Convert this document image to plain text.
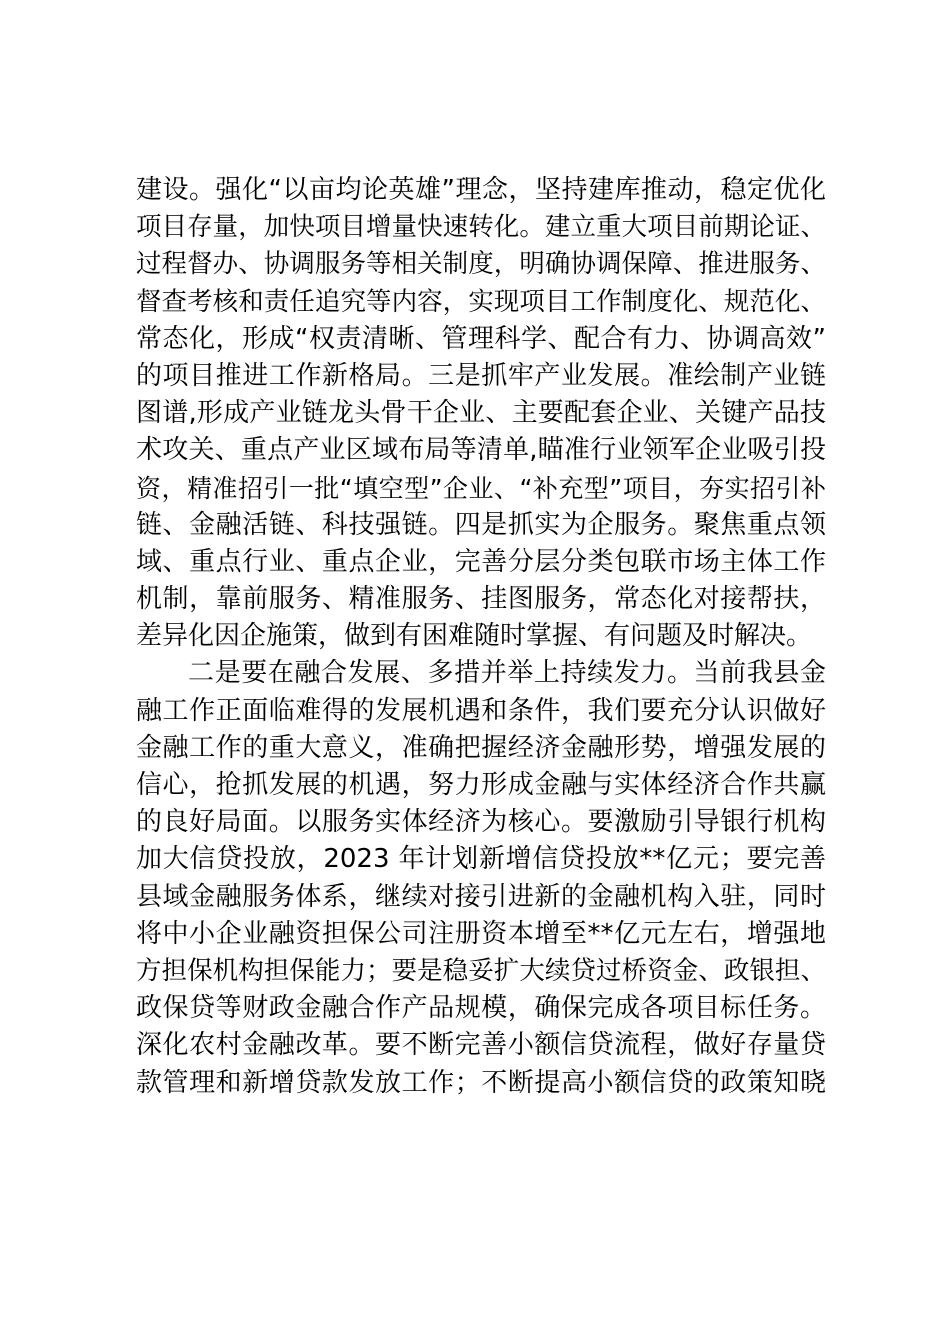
建设。强化“以亩均论英雄”理念，坚持建库推动，稳定优化
项目存量，加快项目增量快速转化。建立重大项目前期论证、
过程督办、协调服务等相关制度，明确协调保障、推进服务、
督查考核和责任追究等内容，实现项目工作制度化、规范化、
常态化，形成“权责清晰、管理科学、配合有力、协调高效”
的项目推进工作新格局。三是抓牢产业发展。准绘制产业链
图谱,形成产业链龙头骨干企业、主要配套企业、关键产品技
术攻关、重点产业区域布局等清单,瞄准行业领军企业吸引投
资，精准招引一批“填空型”企业、“补充型”项目，夯实招引补
链、金融活链、科技强链。四是抓实为企服务。聚焦重点领
域、重点行业、重点企业，完善分层分类包联市场主体工作
机制，靠前服务、精准服务、挂图服务，常态化对接帮扶，
差异化因企施策，做到有困难随时掌握、有问题及时解决。
二是要在融合发展、多措并举上持续发力。当前我县金
融工作正面临难得的发展机遇和条件，我们要充分认识做好
金融工作的重大意义，准确把握经济金融形势，增强发展的
信心，抢抓发展的机遇，努力形成金融与实体经济合作共赢
的良好局面。以服务实体经济为核心。要激励引导银行机构
加大信贷投放，2023 年计划新增信贷投放**亿元；要完善
县域金融服务体系，继续对接引进新的金融机构入驻，同时
将中小企业融资担保公司注册资本增至**亿元左右，增强地
方担保机构担保能力；要是稳妥扩大续贷过桥资金、政银担、
政保贷等财政金融合作产品规模，确保完成各项目标任务。
深化农村金融改革。要不断完善小额信贷流程，做好存量贷
款管理和新增贷款发放工作；不断提高小额信贷的政策知晓
